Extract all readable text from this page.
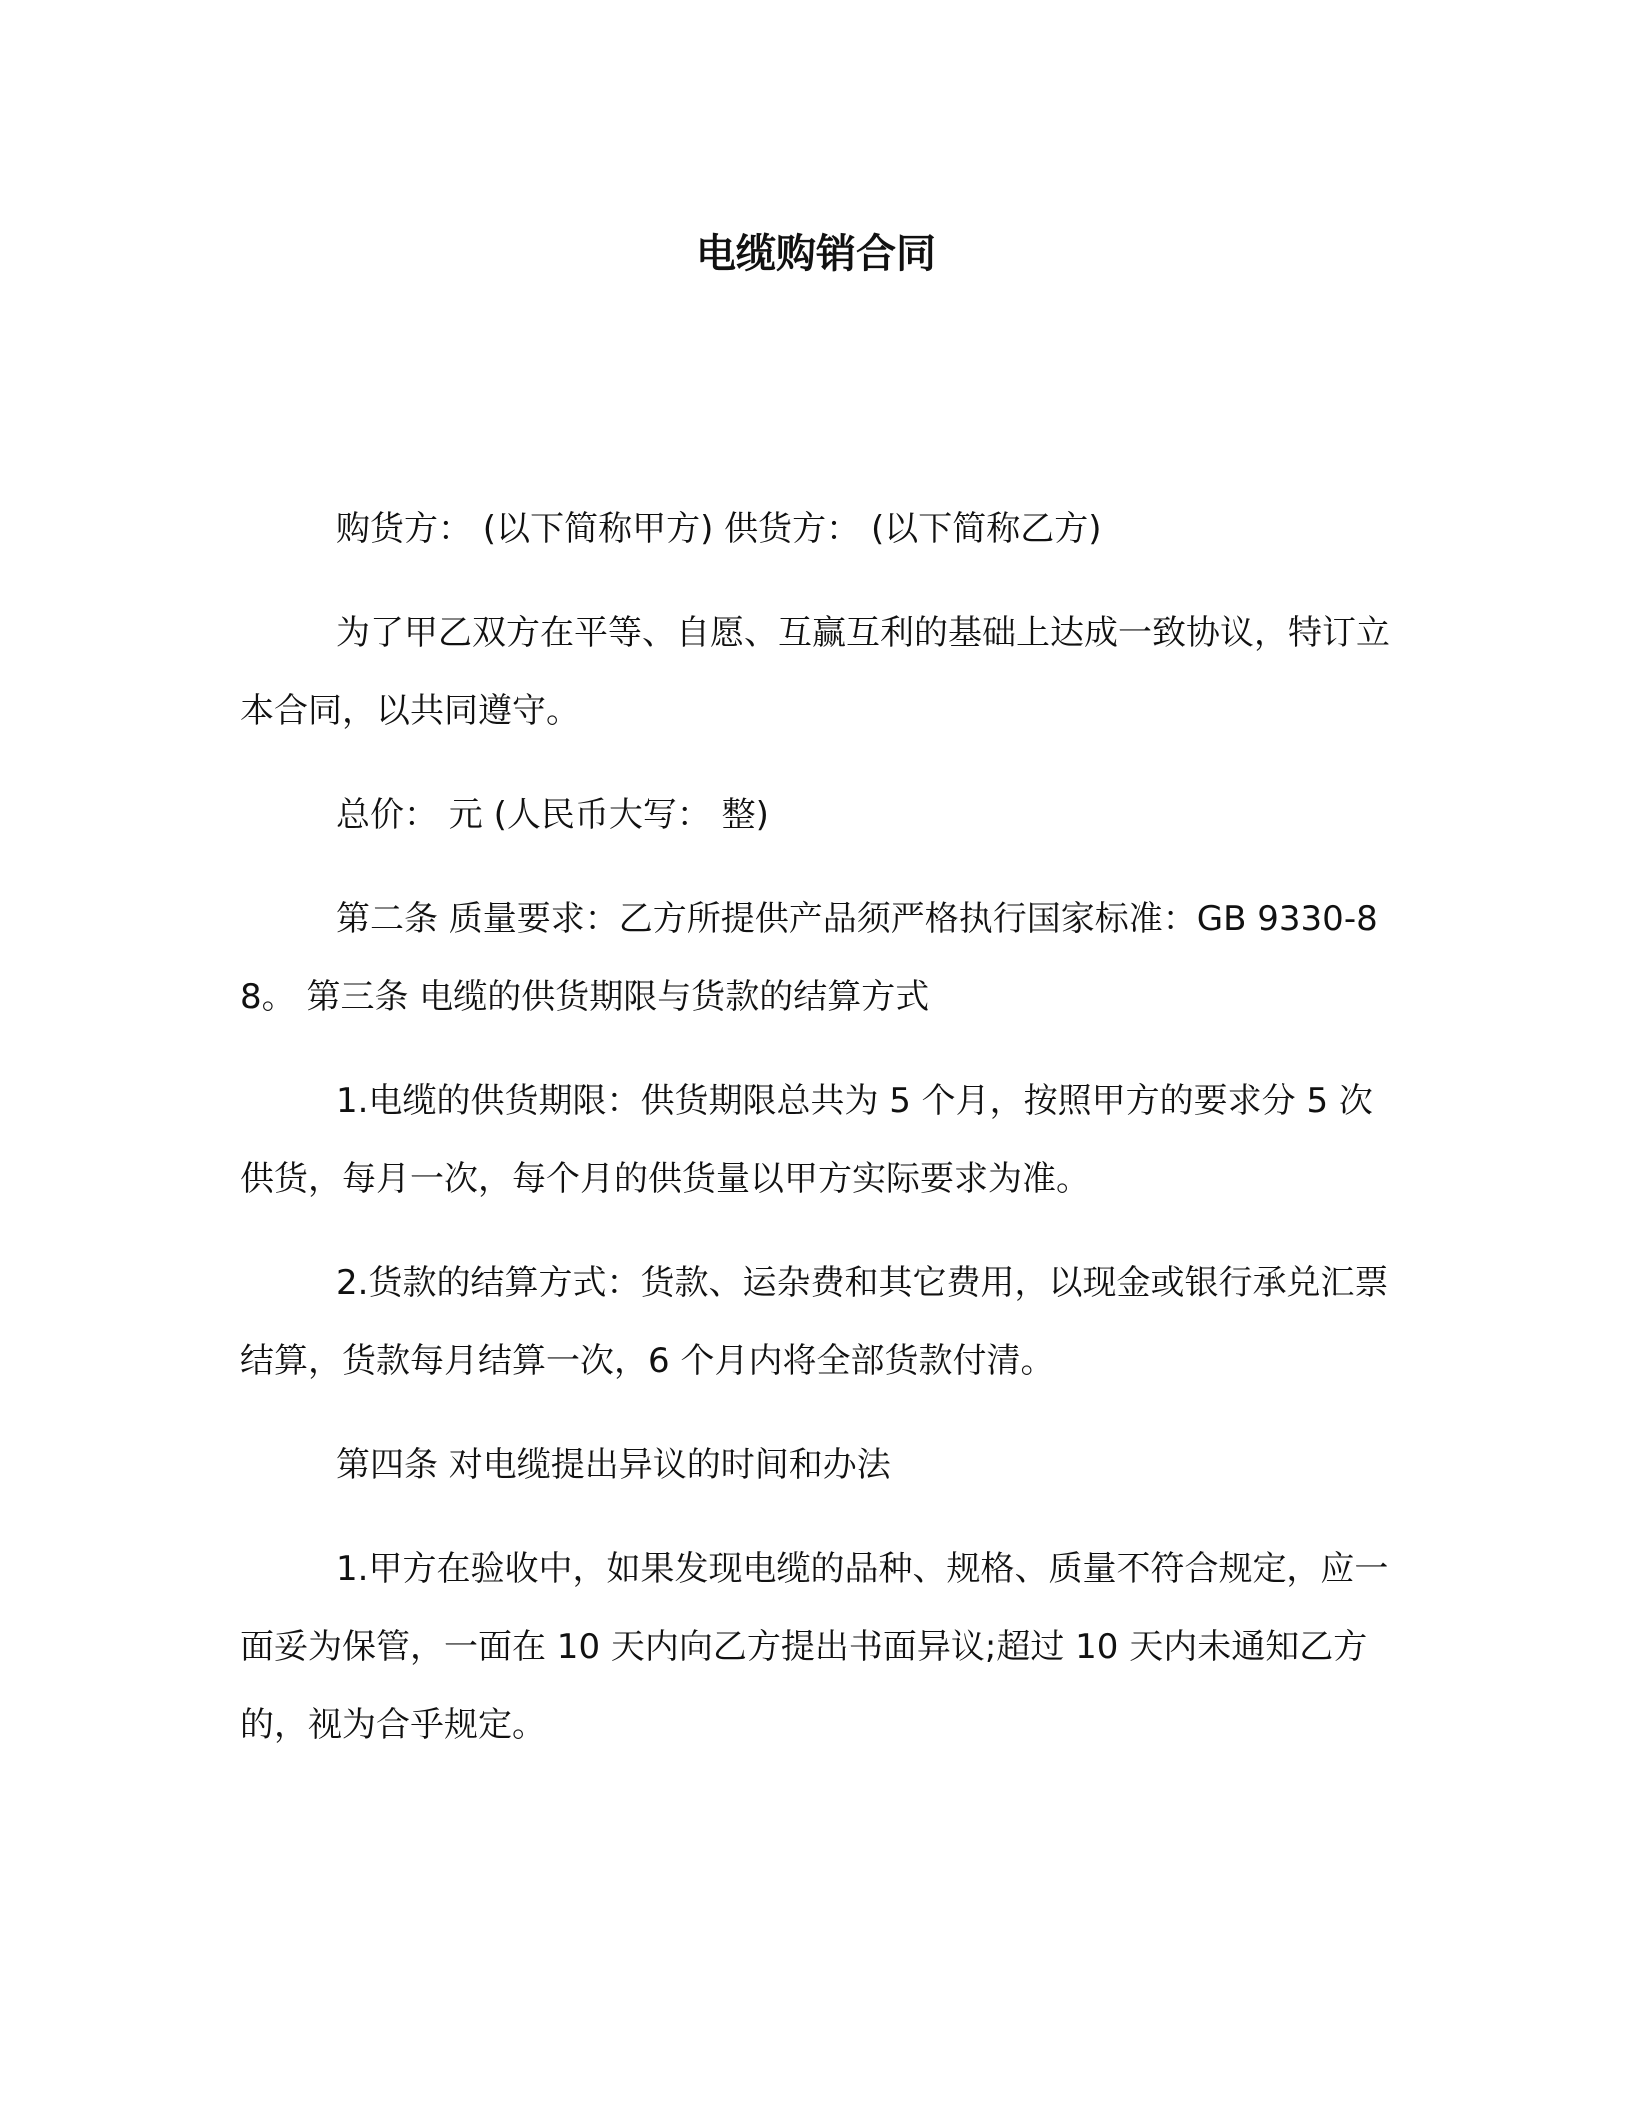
电缆购销合同

购货方： (以下简称甲方) 供货方： (以下简称乙方)

为了甲乙双方在平等、自愿、互赢互利的基础上达成一致协议，特订立本合同，以共同遵守。

总价： 元 (人民币大写： 整)

第二条 质量要求：乙方所提供产品须严格执行国家标准：GB 9330-88。 第三条 电缆的供货期限与货款的结算方式

1.电缆的供货期限：供货期限总共为 5 个月，按照甲方的要求分 5 次供货，每月一次，每个月的供货量以甲方实际要求为准。

2.货款的结算方式：货款、运杂费和其它费用，以现金或银行承兑汇票结算，货款每月结算一次，6 个月内将全部货款付清。

第四条 对电缆提出异议的时间和办法

1.甲方在验收中，如果发现电缆的品种、规格、质量不符合规定，应一面妥为保管，一面在 10 天内向乙方提出书面异议;超过 10 天内未通知乙方的，视为合乎规定。
